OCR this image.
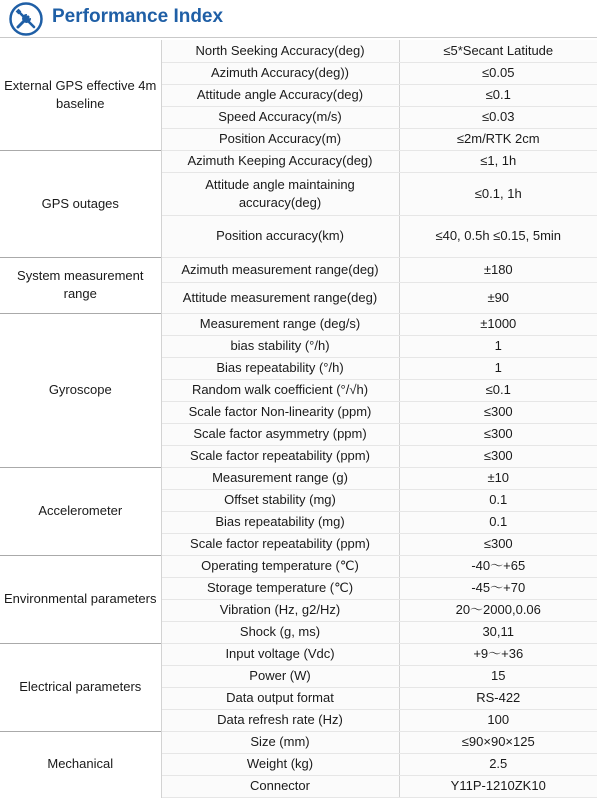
Performance Index
External GPS effective 4m baseline	North Seeking Accuracy(deg)	≤5*Secant Latitude
	Azimuth Accuracy(deg))	≤0.05
	Attitude angle Accuracy(deg)	≤0.1
	Speed Accuracy(m/s)	≤0.03
	Position Accuracy(m)	≤2m/RTK 2cm
GPS outages	Azimuth Keeping Accuracy(deg)	≤1, 1h
	Attitude angle maintaining accuracy(deg)	≤0.1, 1h
	Position accuracy(km)	≤40, 0.5h ≤0.15, 5min
System measurement range	Azimuth measurement range(deg)	±180
	Attitude measurement range(deg)	±90
Gyroscope	Measurement range (deg/s)	±1000
	bias stability (°/h)	1
	Bias repeatability (°/h)	1
	Random walk coefficient (°/√h)	≤0.1
	Scale factor Non-linearity (ppm)	≤300
	Scale factor asymmetry (ppm)	≤300
	Scale factor repeatability (ppm)	≤300
Accelerometer	Measurement range (g)	±10
	Offset stability (mg)	0.1
	Bias repeatability (mg)	0.1
	Scale factor repeatability (ppm)	≤300
Environmental parameters	Operating temperature (℃)	-40～+65
	Storage temperature (℃)	-45～+70
	Vibration (Hz, g2/Hz)	20～2000,0.06
	Shock (g, ms)	30,11
Electrical parameters	Input voltage (Vdc)	+9～+36
	Power (W)	15
	Data output format	RS-422
	Data refresh rate (Hz)	100
Mechanical	Size (mm)	≤90×90×125
	Weight (kg)	2.5
	Connector	Y11P-1210ZK10
